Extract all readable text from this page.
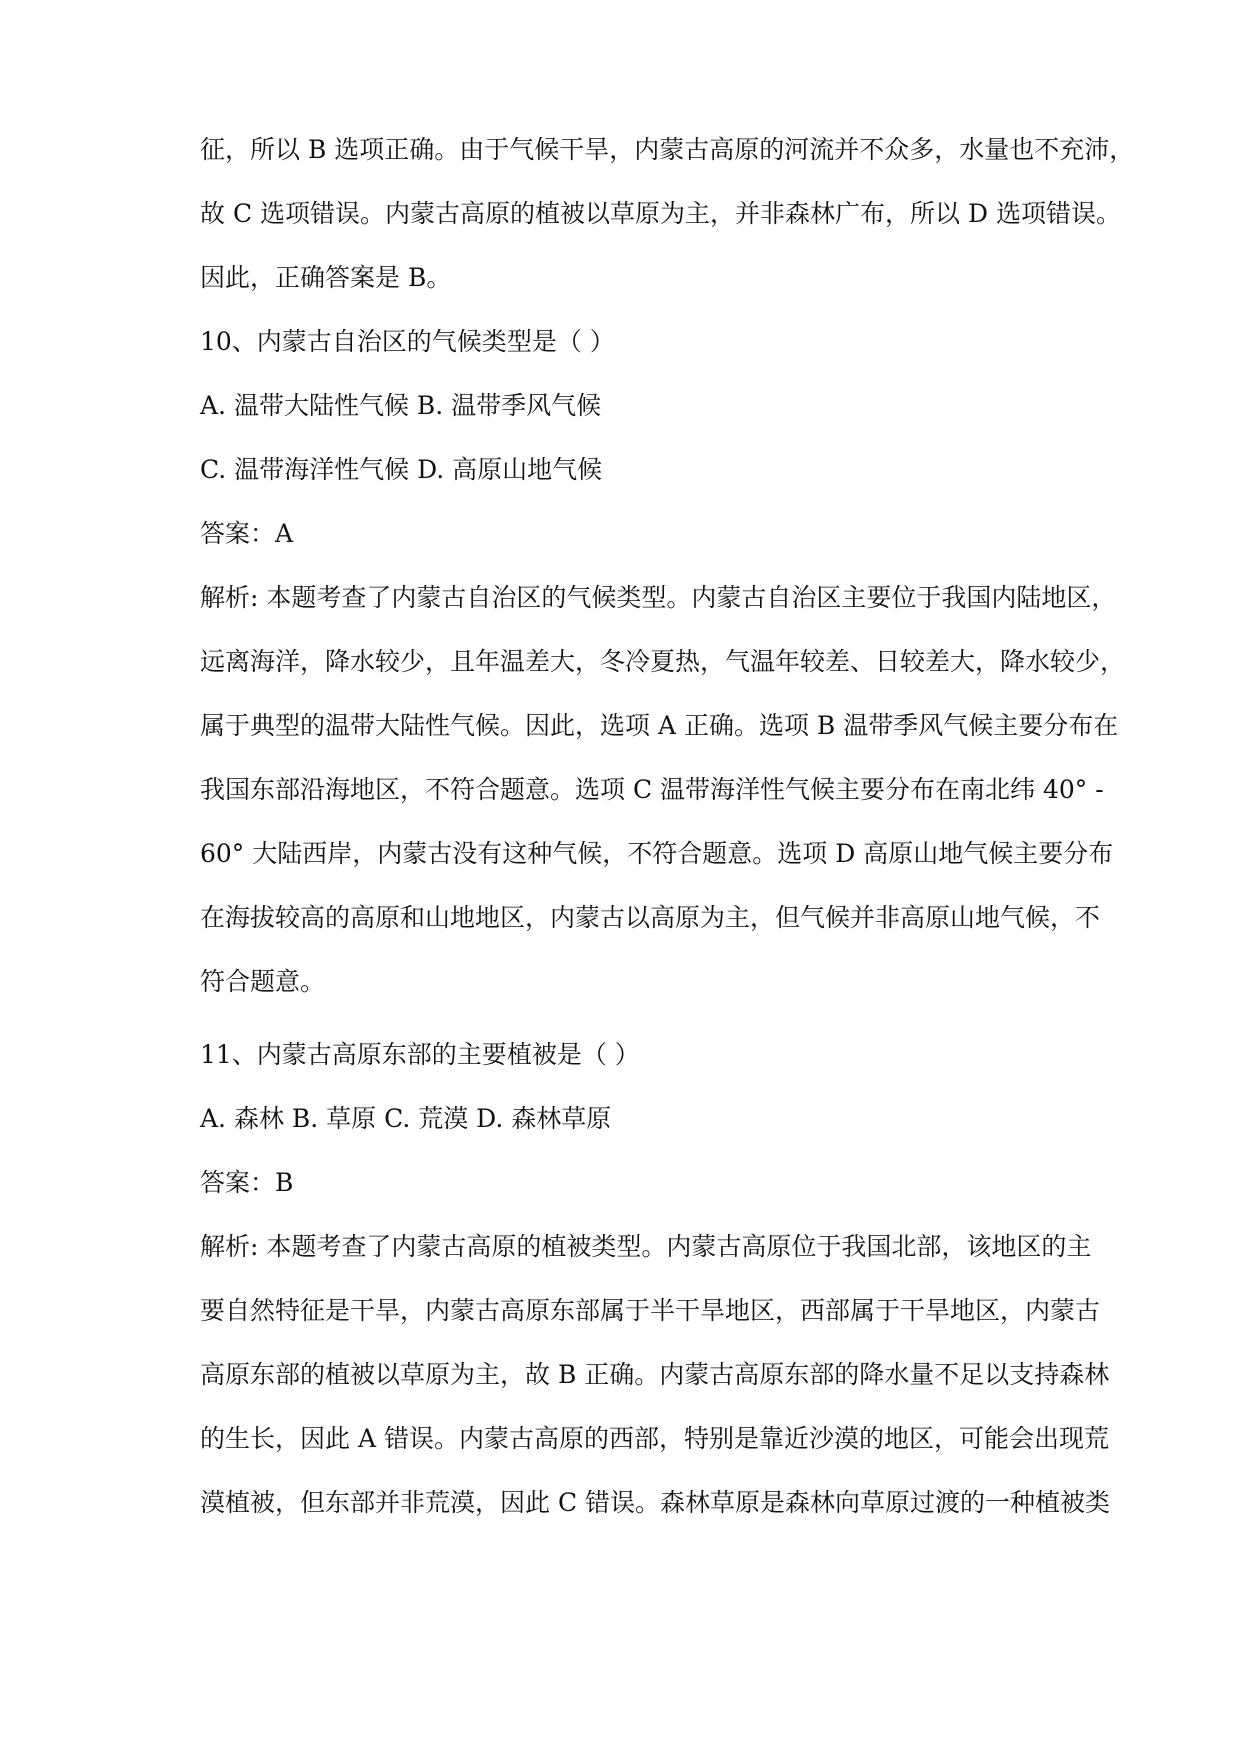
征，所以 B 选项正确。由于气候干旱，内蒙古高原的河流并不众多，水量也不充沛，
故 C 选项错误。内蒙古高原的植被以草原为主，并非森林广布，所以 D 选项错误。
因此，正确答案是 B。
10、内蒙古自治区的气候类型是（ ）
A. 温带大陆性气候 B. 温带季风气候
C. 温带海洋性气候 D. 高原山地气候
答案：A
解析: 本题考查了内蒙古自治区的气候类型。内蒙古自治区主要位于我国内陆地区，
远离海洋，降水较少，且年温差大，冬冷夏热，气温年较差、日较差大，降水较少，
属于典型的温带大陆性气候。因此，选项 A 正确。选项 B 温带季风气候主要分布在
我国东部沿海地区，不符合题意。选项 C 温带海洋性气候主要分布在南北纬 40° -
60° 大陆西岸，内蒙古没有这种气候，不符合题意。选项 D 高原山地气候主要分布
在海拔较高的高原和山地地区，内蒙古以高原为主，但气候并非高原山地气候，不
符合题意。
11、内蒙古高原东部的主要植被是（ ）
A. 森林 B. 草原 C. 荒漠 D. 森林草原
答案：B
解析: 本题考查了内蒙古高原的植被类型。内蒙古高原位于我国北部，该地区的主
要自然特征是干旱，内蒙古高原东部属于半干旱地区，西部属于干旱地区，内蒙古
高原东部的植被以草原为主，故 B 正确。内蒙古高原东部的降水量不足以支持森林
的生长，因此 A 错误。内蒙古高原的西部，特别是靠近沙漠的地区，可能会出现荒
漠植被，但东部并非荒漠，因此 C 错误。森林草原是森林向草原过渡的一种植被类
